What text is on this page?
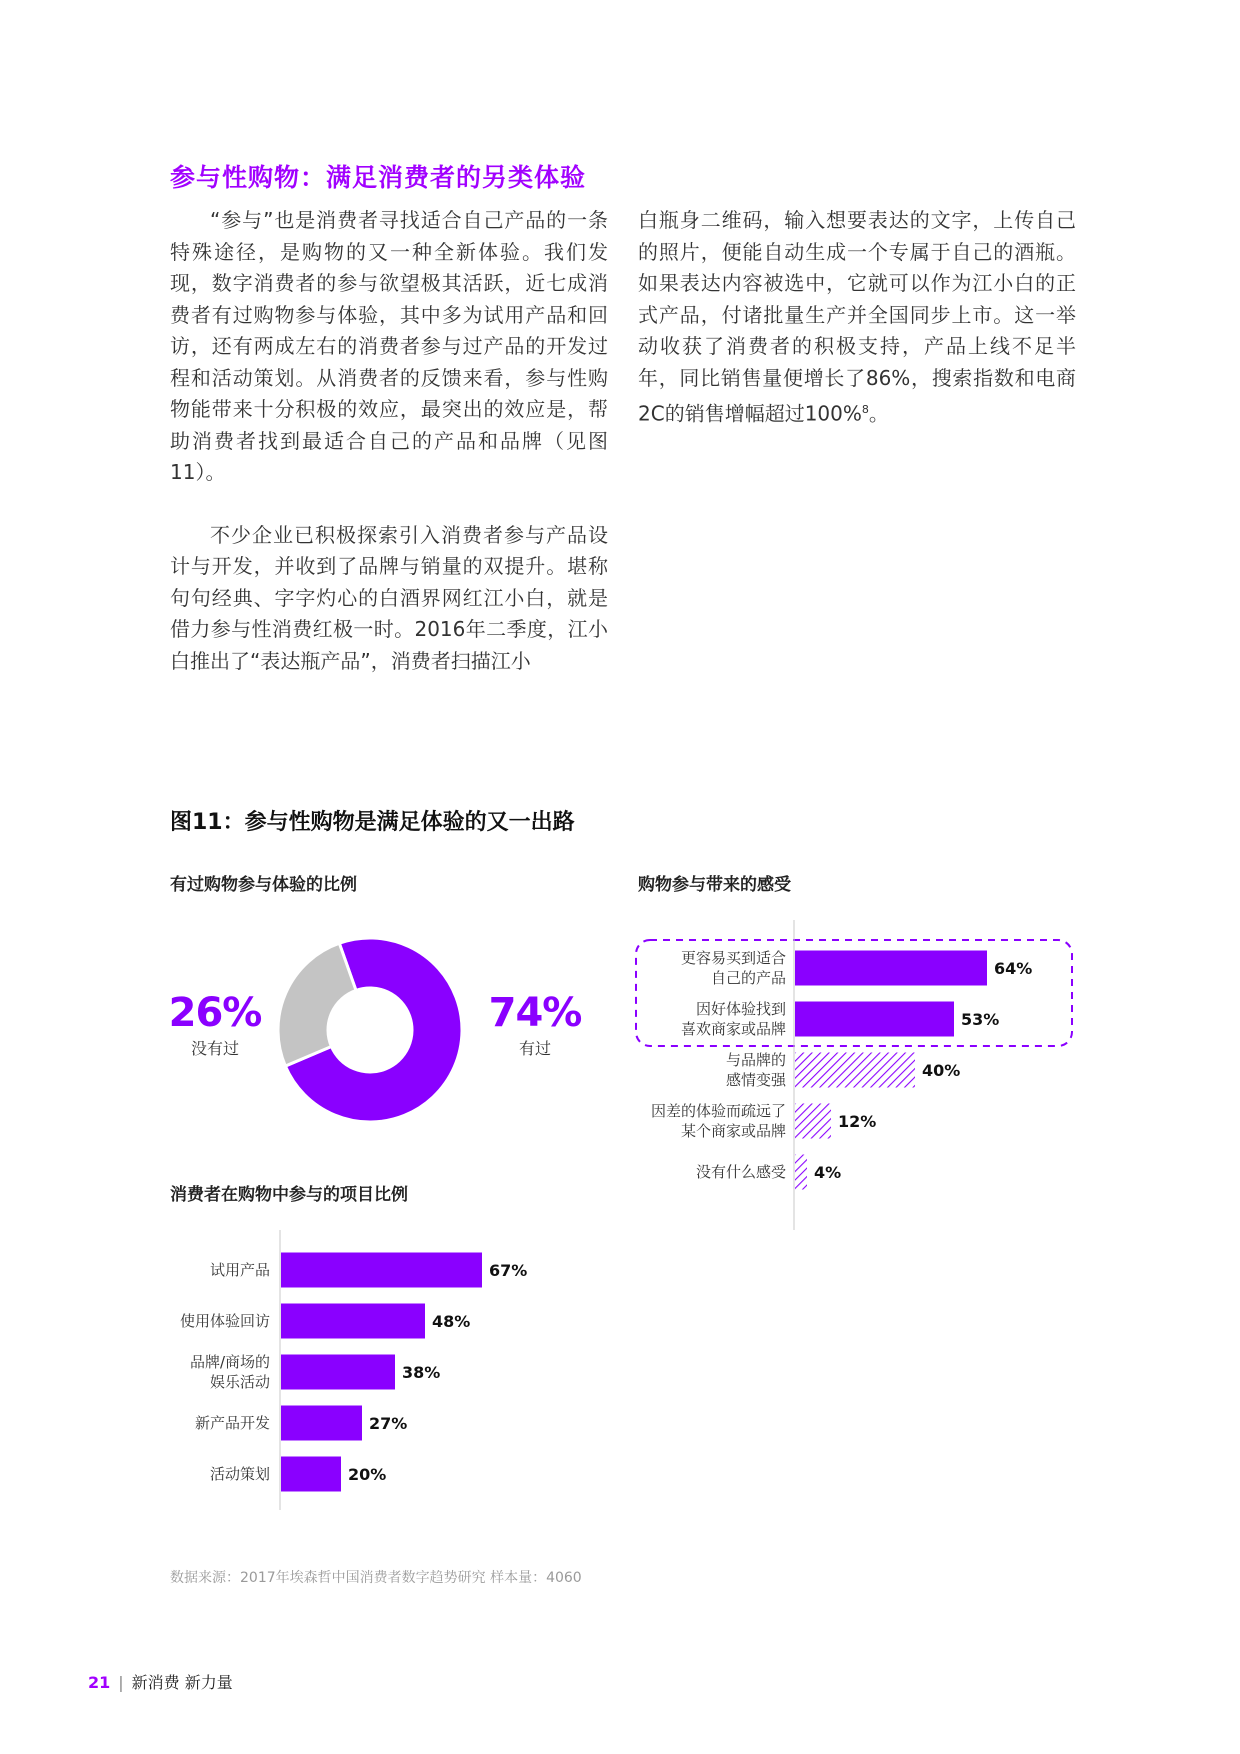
参与性购物：满足消费者的另类体验

“参与”也是消费者寻找适合自己产品的一条特殊途径，是购物的又一种全新体验。我们发现，数字消费者的参与欲望极其活跃，近七成消费者有过购物参与体验，其中多为试用产品和回访，还有两成左右的消费者参与过产品的开发过程和活动策划。从消费者的反馈来看，参与性购物能带来十分积极的效应，最突出的效应是，帮助消费者找到最适合自己的产品和品牌（见图11）。

不少企业已积极探索引入消费者参与产品设计与开发，并收到了品牌与销量的双提升。堪称句句经典、字字灼心的白酒界网红江小白，就是借力参与性消费红极一时。2016年二季度，江小白推出了“表达瓶产品”，消费者扫描江小

白瓶身二维码，输入想要表达的文字，上传自己的照片，便能自动生成一个专属于自己的酒瓶。如果表达内容被选中，它就可以作为江小白的正式产品，付诸批量生产并全国同步上市。这一举动收获了消费者的积极支持，产品上线不足半年，同比销售量便增长了86%，搜索指数和电商2C的销售增幅超过100%$^8$。

图11：参与性购物是满足体验的又一出路
有过购物参与体验的比例
26%
没有过
74%
有过
消费者在购物中参与的项目比例
67%
试用产品
48%
使用体验回访
38%
品牌/商场的娱乐活动
27%
新产品开发
20%
活动策划
购物参与带来的感受
64%
更容易买到适合自己的产品
53%
因好体验找到喜欢商家或品牌
40%
与品牌的感情变强
12%
因差的体验而疏远了某个商家或品牌
4%
没有什么感受
数据来源：2017年埃森哲中国消费者数字趋势研究 样本量：4060
21 | 新消费 新力量
